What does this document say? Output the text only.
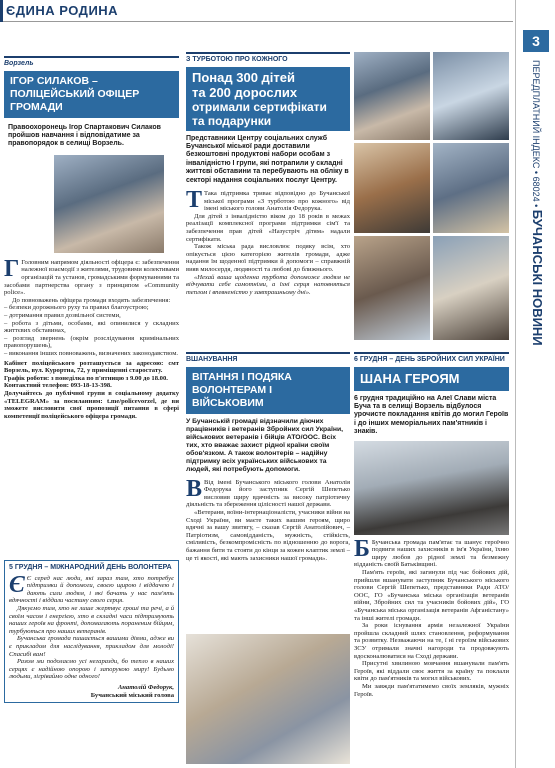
ЄДИНА РОДИНА
3
ПЕРЕДПЛАТНИЙ ІНДЕКС • 68024 • БУЧАНСЬКІ НОВИНИ
Ворзель
ІГОР СИЛАКОВ – ПОЛІЦЕЙСЬКИЙ ОФІЦЕР ГРОМАДИ
Правоохоронець Ігор Спартакович Силаков пройшов навчання і відповідатиме за правопорядок в селищі Ворзель.
Г Головним напрямом діяльності офіцера є: забезпечення належної взаємодії з жителями, трудовими колективами організацій та установ, громадськими формуваннями та засобами партнерства органу з принципом «Community police».
До повноважень офіцера громади входять забезпечення:
– безпеки дорожнього руху та правил благоустрою;
– дотримання правил дозвільної системи,
– робота з дітьми, особами, які опинилися у складних життєвих обставинах,
– розгляд звернень (окрім розслідування кримінальних правопорушень),
– виконання інших повноважень, визначених законодавством.
Кабінет поліцейського розташується за адресою: смт Ворзель, вул. Курортна, 72, у приміщенні старостату.
Графік роботи: з понеділка по п'ятницю з 9.00 до 18.00.
Контактний телефон: 093-18-13-398.
Долучайтесь до публічної групи в соціальному додатку «TELEGRAM» за посиланням: t.me/policevorzel, де ви зможете висловити свої пропозиції питання в сфері компетенції поліцейського офіцера громади.
З ТУРБОТОЮ ПРО КОЖНОГО
Понад 300 дітей
та 200 дорослих
отримали сертифікати
та подарунки
Представники Центру соціальних служб Бучанської міської ради доставили безкоштовні продуктові набори особам з інвалідністю І групи, які потрапили у складні життєві обставини та перебувають на обліку в секторі надання соціальних послуг Центру.
Т Така підтримка триває відповідно до Бучанської міської програми «З турботою про кожного» від імені міського голови Анатолія Федорука.
Для дітей з інвалідністю віком до 18 років в межах реалізації комплексної програми підтримки сім'ї та забезпечення прав дітей «Назустріч дітям» надали сертифікати.
Також міська рада висловлює подяку всім, хто опікується цією категорією жителів громади, адже надання їм щоденної підтримки й допомоги – справжній вияв милосердя, людяності та любові до ближнього.
«Нехай ваша щоденна турбота допоможе людям не відчувати себе самотніми, а їхні серця наповняться теплом і впевненістю у завтрашньому дні».
ВШАНУВАННЯ
ВІТАННЯ І ПОДЯКА ВОЛОНТЕРАМ І ВІЙСЬКОВИМ
У Бучанській громаді відзначили діючих працівників і ветеранів Збройних сил України, військових ветеранів і бійців АТО/ООС. Всіх тих, хто вважає захист рідної країни своїм обов'язком. А також волонтерів – надійну підтримку всіх українських військових та людей, які потребують допомоги.
В Від імені Бучанського міського голови Анатолія Федорука його заступник Сергій Шепетько висловив щиру вдячність за високу патріотичну діяльність та збереження цілісності нашої держави.
«Ветерани, воїни-інтернаціоналісти, учасники війни на Сході України, ви маєте таких вашим героям, щиро вдячні за вашу звитягу, – сказав Сергій Анатолійович, – Патріотизм, самовідданість, мужність, стійкість, сміливість, безкомпромісність по відношенню до ворога, бажання бити та стояти до кінця за кожен клаптик землі – це ті якості, які мають захисники нашої громади».
6 ГРУДНЯ – ДЕНЬ ЗБРОЙНИХ СИЛ УКРАЇНИ
ШАНА ГЕРОЯМ
6 грудня традиційно на Алеї Слави міста Буча та в селищі Ворзель відбулося урочисте покладання квітів до могил Героїв і до інших меморіальних пам'ятників і знаків.
Б Бучанська громада пам'ятає та шанує героїчно подвиги наших захисників в ім'я України, їхню щиру любов до рідної землі та безмежну відданість своїй Батьківщині.
Пам'ять героїв, які загинули під час бойових дій, прийшли вшанувати заступник Бучанського міського голови Сергій Шепетько, представники Ради АТО/ООС, ГО «Бучанська міська організація ветеранів війни, Збройних сил та учасників бойових дій», ГО «Бучанська міська організація ветеранів Афганістану» та інші жителі громади.
За роки існування армія незалежної України пройшла складний шлях становлення, реформування та розвитку. Незважаючи на те, ї ні героїзм військових ЗСУ отримали значні нагороди та продовжують вдосконалюватися на Сході держави.
Присутні хвилиною мовчання вшанували пам'ять Героїв, які віддали своє життя за країну та поклали квіти до пам'ятників та могил військових.
Ми завжди пам'ятатимемо своїх земляків, мужніх Героїв.
5 ГРУДНЯ – МІЖНАРОДНИЙ ДЕНЬ ВОЛОНТЕРА
Є Є серед нас люди, які зараз там, хто потребує підтримки й допомоги, своєю щирою і віддачею і дають сили людям, і які бачать у нас пам'ять вдячності і віддали частину свого серця.
Дякуємо тим, хто не лише жертвує гроші та речі, а й своїм часом і енергією, хто в складні часи підтримують наших героїв на фронті, допомагають пораненим бійцям, турбуються про наших ветеранів.
Бучанська громада пишається вашими діями, адже ви є прикладом для наслідування, прикладом для молоді! Спасибі вам!
Разом ми подолаємо усі негаразди, бо тепло в наших серцях є надійною опорою і запорукою миру! Будьмо людьми, зігріваймо одне одного!
Анатолій Федорук,
Бучанський міський голова
